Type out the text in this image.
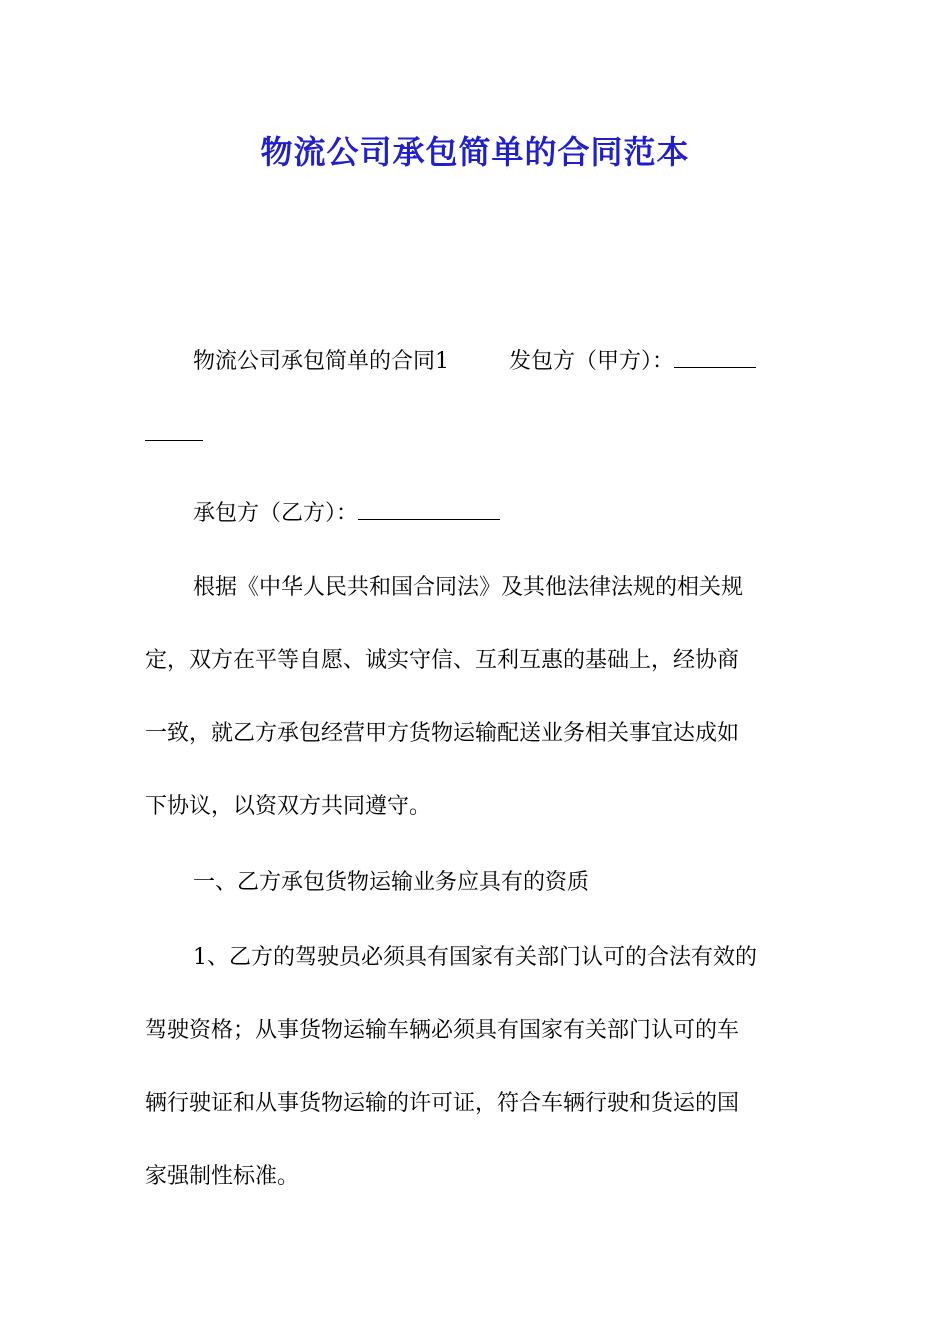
物流公司承包简单的合同范本
物流公司承包简单的合同1	发包方（甲方）：
承包方（乙方）：
根据《中华人民共和国合同法》及其他法律法规的相关规
定，双方在平等自愿、诚实守信、互利互惠的基础上，经协商
一致，就乙方承包经营甲方货物运输配送业务相关事宜达成如
下协议，以资双方共同遵守。
一、乙方承包货物运输业务应具有的资质
1、乙方的驾驶员必须具有国家有关部门认可的合法有效的
驾驶资格；从事货物运输车辆必须具有国家有关部门认可的车
辆行驶证和从事货物运输的许可证，符合车辆行驶和货运的国
家强制性标准。
